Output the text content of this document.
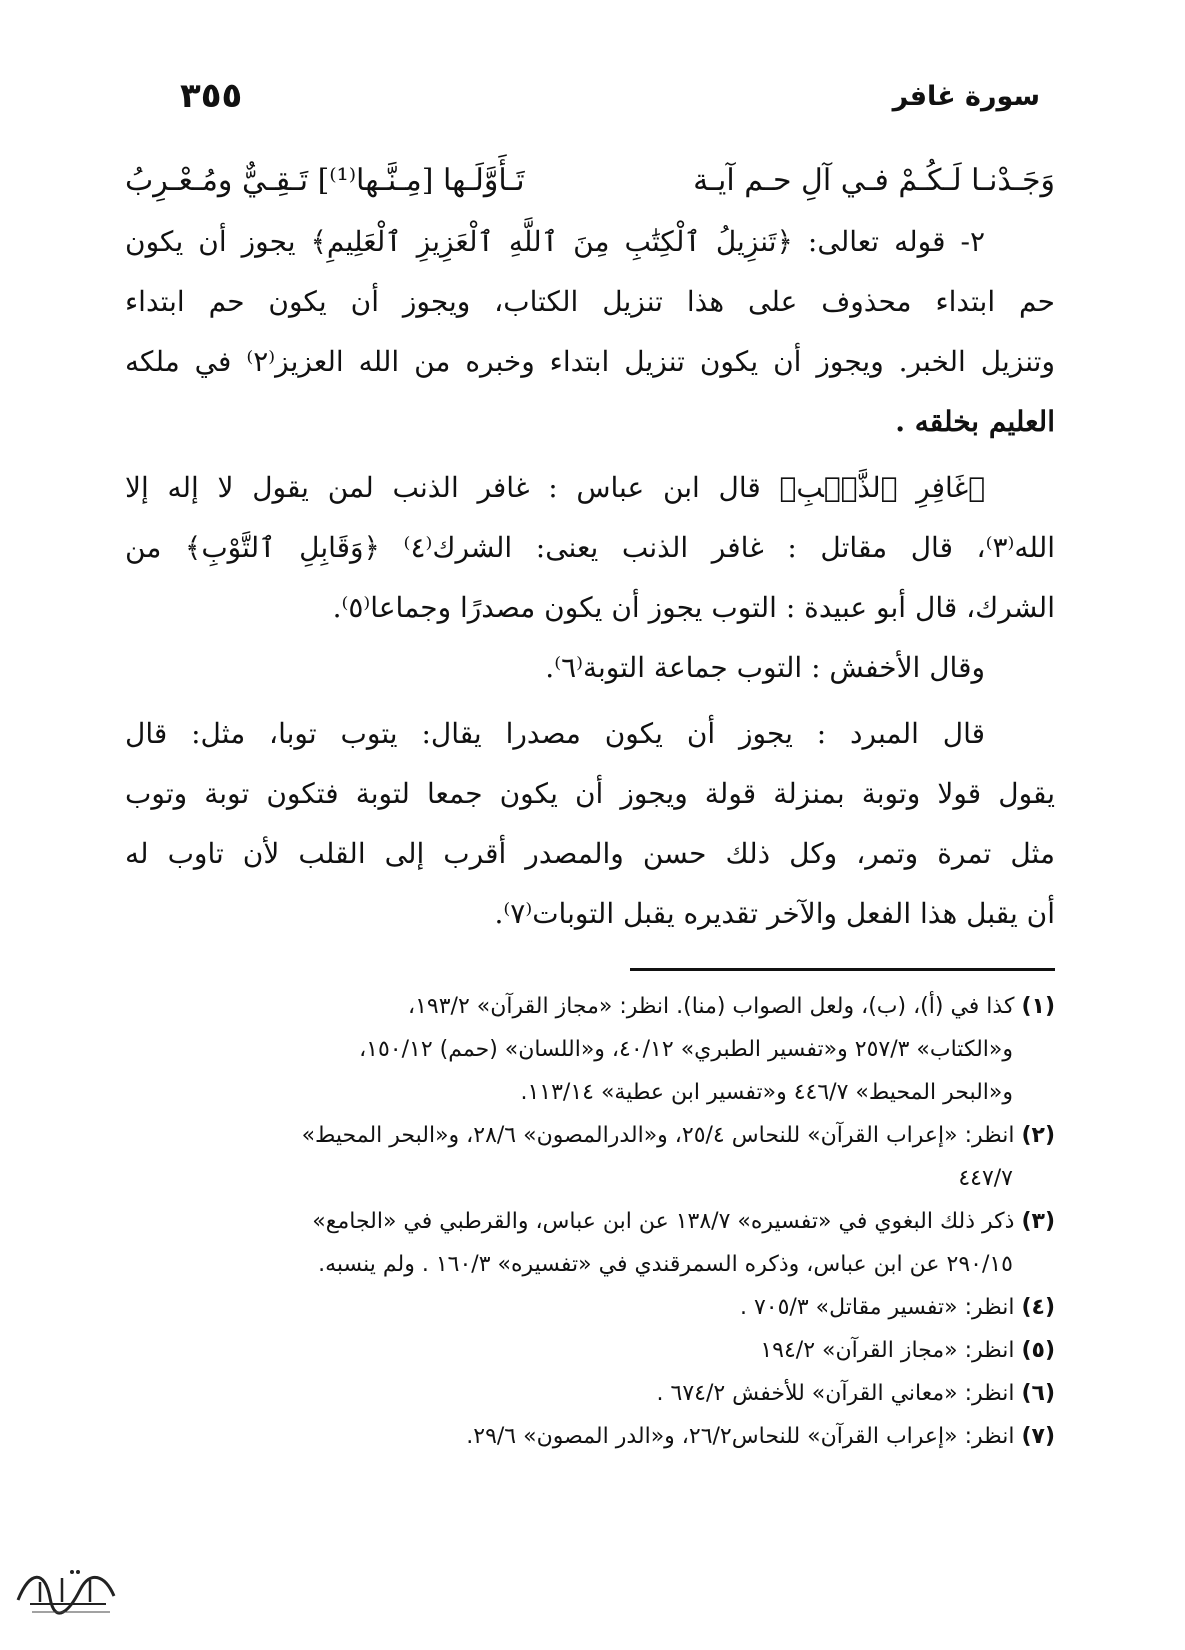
٣٥٥	سورة غافر
وَجَـدْنـا لَـكُـمْ فـي آلِ حـم آيـة
تَـأَوَّلَـها [مِـنَّـها⁽¹⁾] تَـقِـيٌّ ومُـعْـرِبُ
٢- قوله تعالى: ﴿تَنزِيلُ ٱلْكِتَٰبِ مِنَ ٱللَّهِ ٱلْعَزِيزِ ٱلْعَلِيمِ﴾ يجوز أن يكون
حم ابتداء محذوف على هذا تنزيل الكتاب، ويجوز أن يكون حم ابتداء
وتنزيل الخبر. ويجوز أن يكون تنزيل ابتداء وخبره من الله العزيز⁽٢⁾ في ملكه
العليم بخلقه .
﴿غَافِرِ ٱلذَّنۢبِ﴾ قال ابن عباس : غافر الذنب لمن يقول لا إله إلا
الله⁽٣⁾، قال مقاتل : غافر الذنب يعنى: الشرك⁽٤⁾ ﴿وَقَابِلِ ٱلتَّوْبِ﴾ من
الشرك، قال أبو عبيدة : التوب يجوز أن يكون مصدرًا وجماعا⁽٥⁾.
وقال الأخفش : التوب جماعة التوبة⁽٦⁾.
قال المبرد : يجوز أن يكون مصدرا يقال: يتوب توبا، مثل: قال
يقول قولا وتوبة بمنزلة قولة ويجوز أن يكون جمعا لتوبة فتكون توبة وتوب
مثل تمرة وتمر، وكل ذلك حسن والمصدر أقرب إلى القلب لأن تاوب له
أن يقبل هذا الفعل والآخر تقديره يقبل التوبات⁽٧⁾.
(١) كذا في (أ)، (ب)، ولعل الصواب (منا). انظر: «مجاز القرآن» ١٩٣/٢،
و«الكتاب» ٢٥٧/٣ و«تفسير الطبري» ٤٠/١٢، و«اللسان» (حمم) ١٥٠/١٢،
و«البحر المحيط» ٤٤٦/٧ و«تفسير ابن عطية» ١١٣/١٤.
(٢) انظر: «إعراب القرآن» للنحاس ٢٥/٤، و«الدرالمصون» ٢٨/٦، و«البحر المحيط»
٤٤٧/٧
(٣) ذكر ذلك البغوي في «تفسيره» ١٣٨/٧ عن ابن عباس، والقرطبي في «الجامع»
٢٩٠/١٥ عن ابن عباس، وذكره السمرقندي في «تفسيره» ١٦٠/٣ . ولم ينسبه.
(٤) انظر: «تفسير مقاتل» ٧٠٥/٣ .
(٥) انظر: «مجاز القرآن» ١٩٤/٢
(٦) انظر: «معاني القرآن» للأخفش ٦٧٤/٢ .
(٧) انظر: «إعراب القرآن» للنحاس٢٦/٢، و«الدر المصون» ٢٩/٦.
